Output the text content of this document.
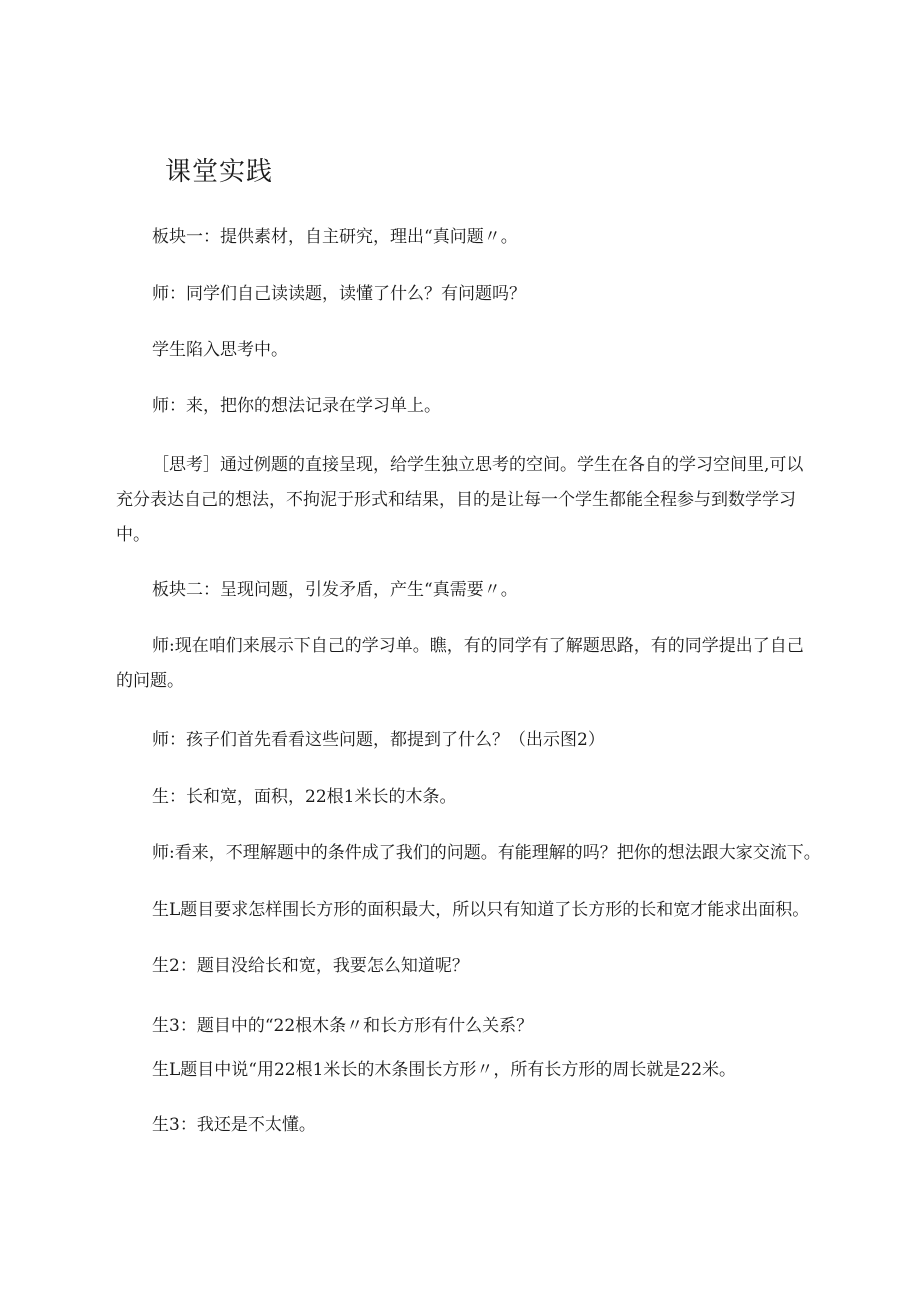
课堂实践
板块一：提供素材，自主研究，理出“真问题〃。
师：同学们自己读读题，读懂了什么？有问题吗？
学生陷入思考中。
师：来，把你的想法记录在学习单上。
［思考］通过例题的直接呈现，给学生独立思考的空间。学生在各自的学习空间里,可以
充分表达自己的想法，不拘泥于形式和结果，目的是让每一个学生都能全程参与到数学学习
中。
板块二：呈现问题，引发矛盾，产生“真需要〃。
师:现在咱们来展示下自己的学习单。瞧，有的同学有了解题思路，有的同学提出了自己
的问题。
师：孩子们首先看看这些问题，都提到了什么？（出示图2）
生：长和宽，面积，22根1米长的木条。
师:看来，不理解题中的条件成了我们的问题。有能理解的吗？把你的想法跟大家交流下。
生L题目要求怎样围长方形的面积最大，所以只有知道了长方形的长和宽才能求出面积。
生2：题目没给长和宽，我要怎么知道呢？
生3：题目中的“22根木条〃和长方形有什么关系？
生L题目中说“用22根1米长的木条围长方形〃，所有长方形的周长就是22米。
生3：我还是不太懂。
